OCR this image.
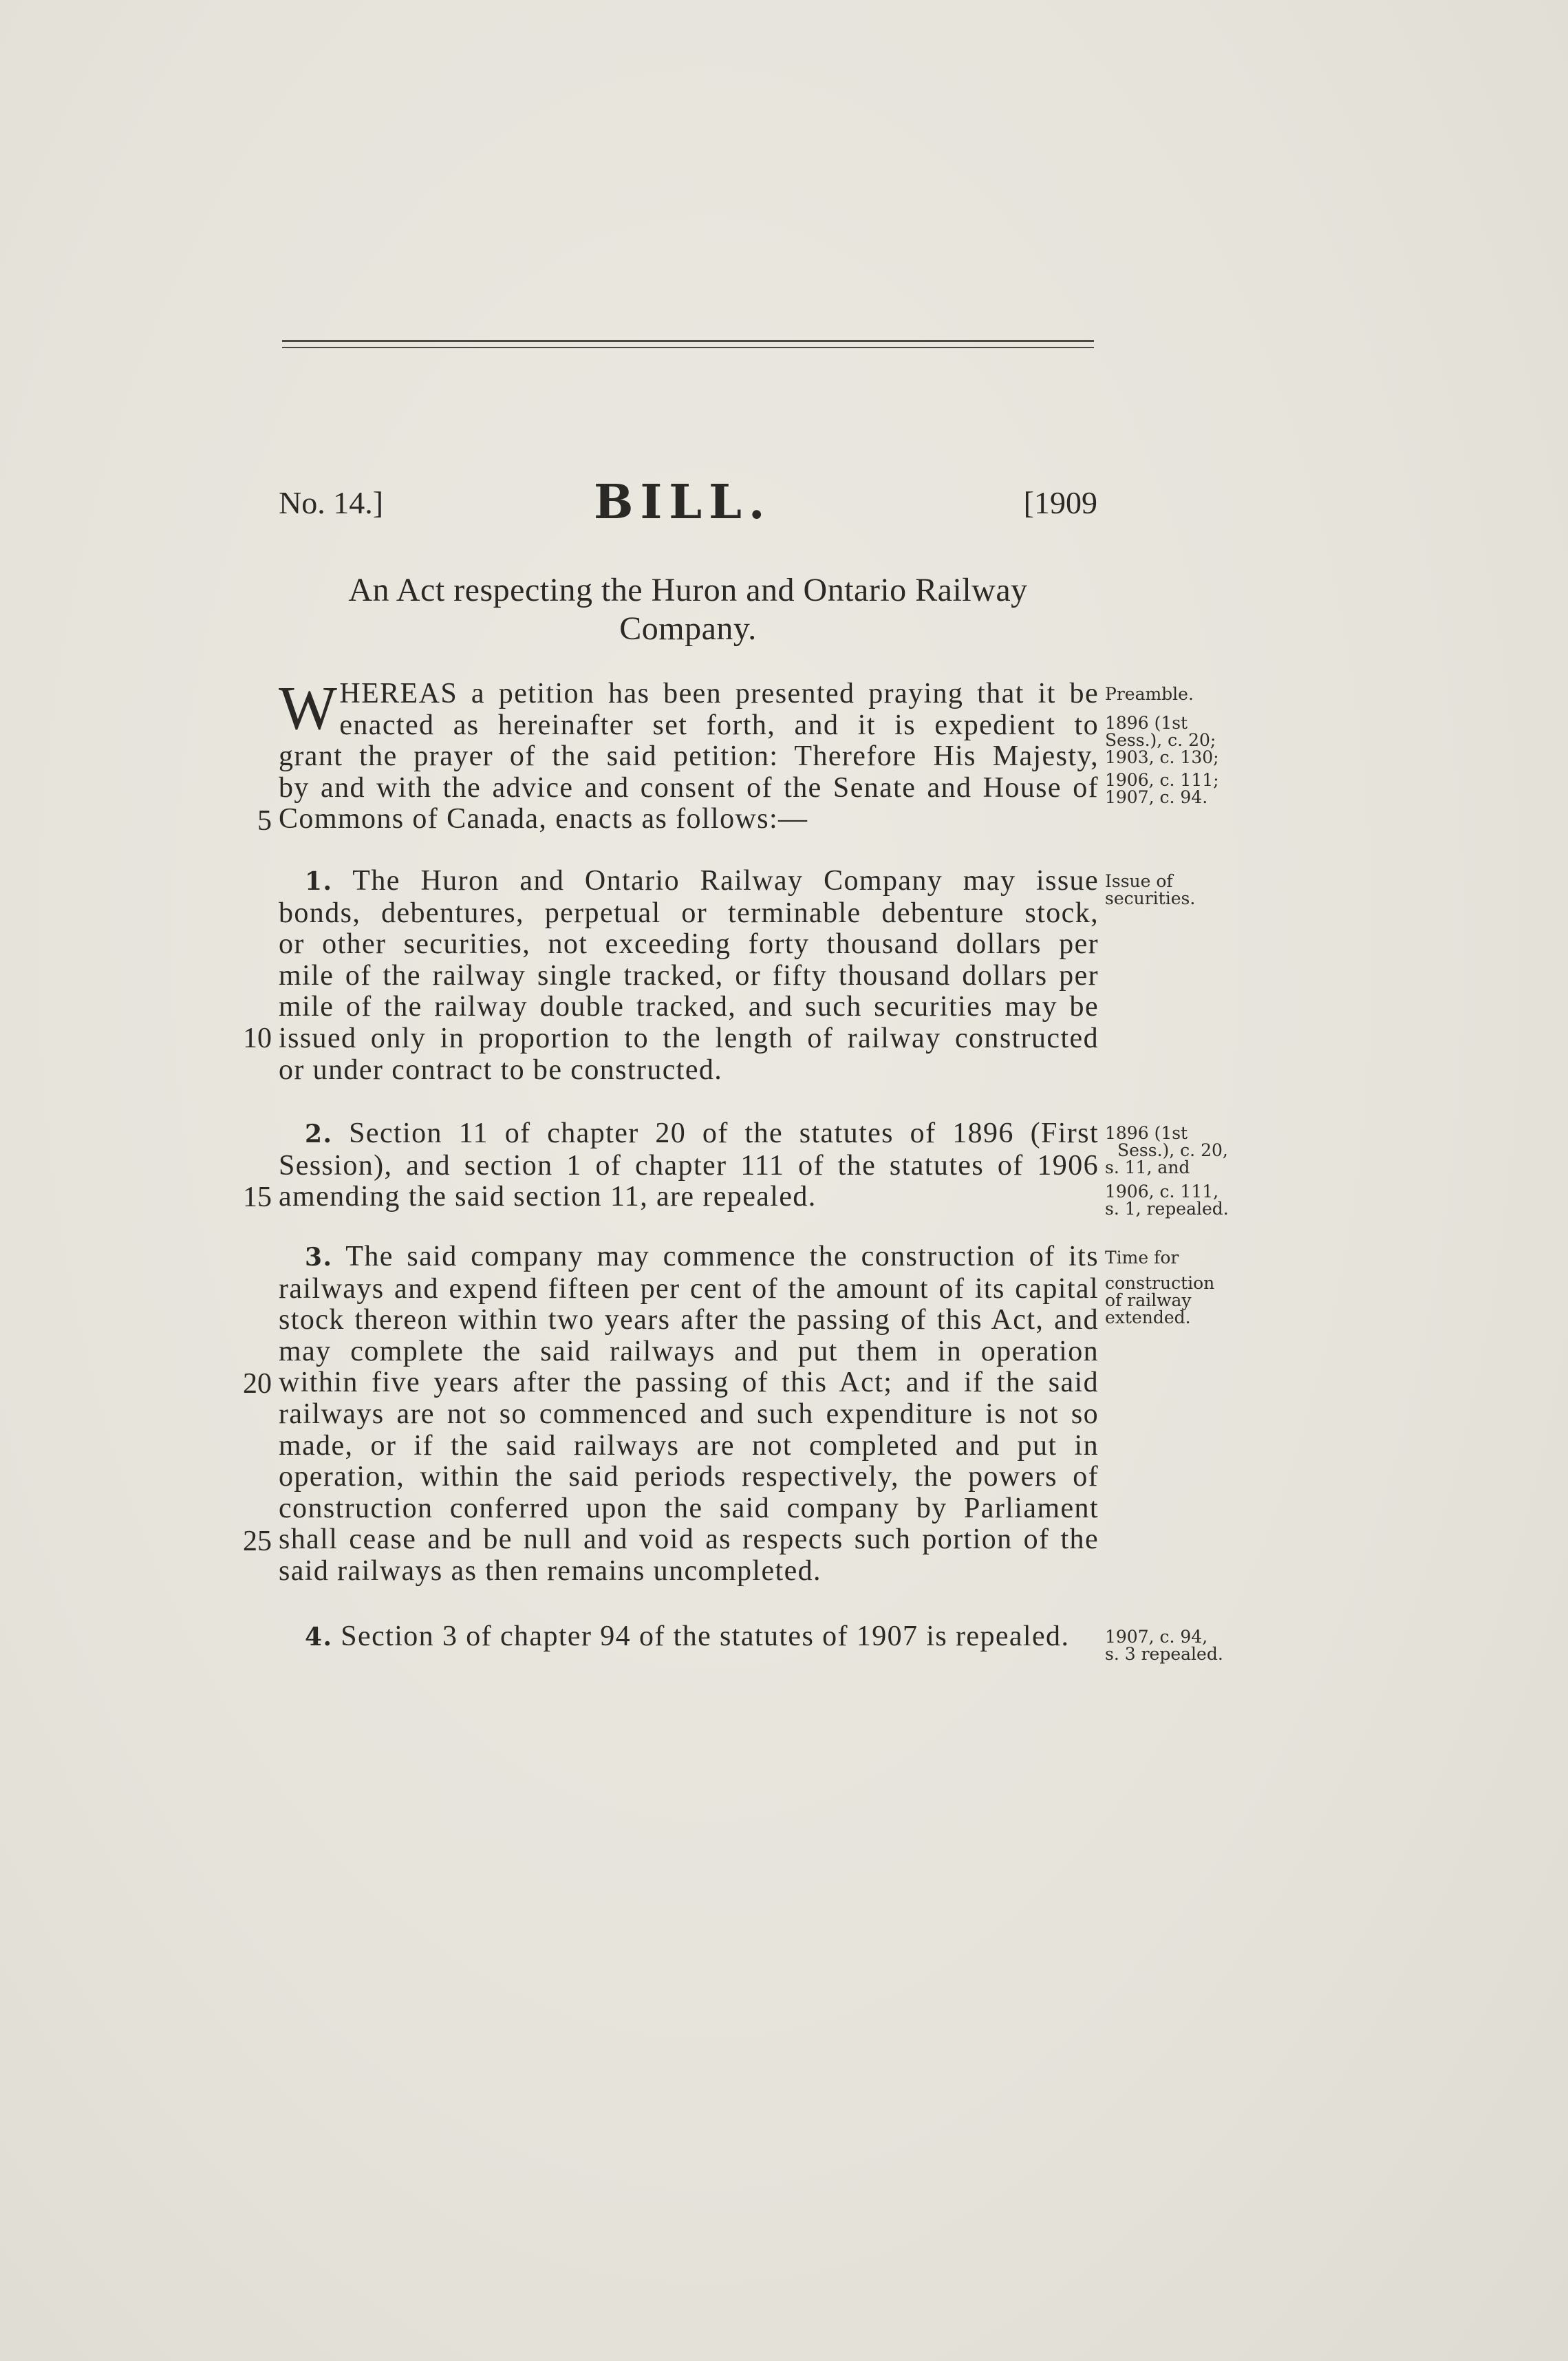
No. 14.]	BILL.	[1909
An Act respecting the Huron and Ontario Railway
Company.
W HEREAS a petition has been presented praying that it be
enacted as hereinafter set forth, and it is expedient to
grant the prayer of the said petition: Therefore His Majesty,
by and with the advice and consent of the Senate and House of
Commons of Canada, enacts as follows:—
Preamble.
1896 (1st
Sess.), c. 20;
1903, c. 130;
1906, c. 111;
1907, c. 94.
1. The Huron and Ontario Railway Company may issue
bonds, debentures, perpetual or terminable debenture stock,
or other securities, not exceeding forty thousand dollars per
mile of the railway single tracked, or fifty thousand dollars per
mile of the railway double tracked, and such securities may be
issued only in proportion to the length of railway constructed
or under contract to be constructed.
Issue of
securities.
2. Section 11 of chapter 20 of the statutes of 1896 (First
Session), and section 1 of chapter 111 of the statutes of 1906
amending the said section 11, are repealed.
1896 (1st
Sess.), c. 20,
s. 11, and
1906, c. 111,
s. 1, repealed.
3. The said company may commence the construction of its
railways and expend fifteen per cent of the amount of its capital
stock thereon within two years after the passing of this Act, and
may complete the said railways and put them in operation
within five years after the passing of this Act; and if the said
railways are not so commenced and such expenditure is not so
made, or if the said railways are not completed and put in
operation, within the said periods respectively, the powers of
construction conferred upon the said company by Parliament
shall cease and be null and void as respects such portion of the
said railways as then remains uncompleted.
Time for
construction
of railway
extended.
4. Section 3 of chapter 94 of the statutes of 1907 is repealed.	1907, c. 94,
s. 3 repealed.
5
10
15
20
25
